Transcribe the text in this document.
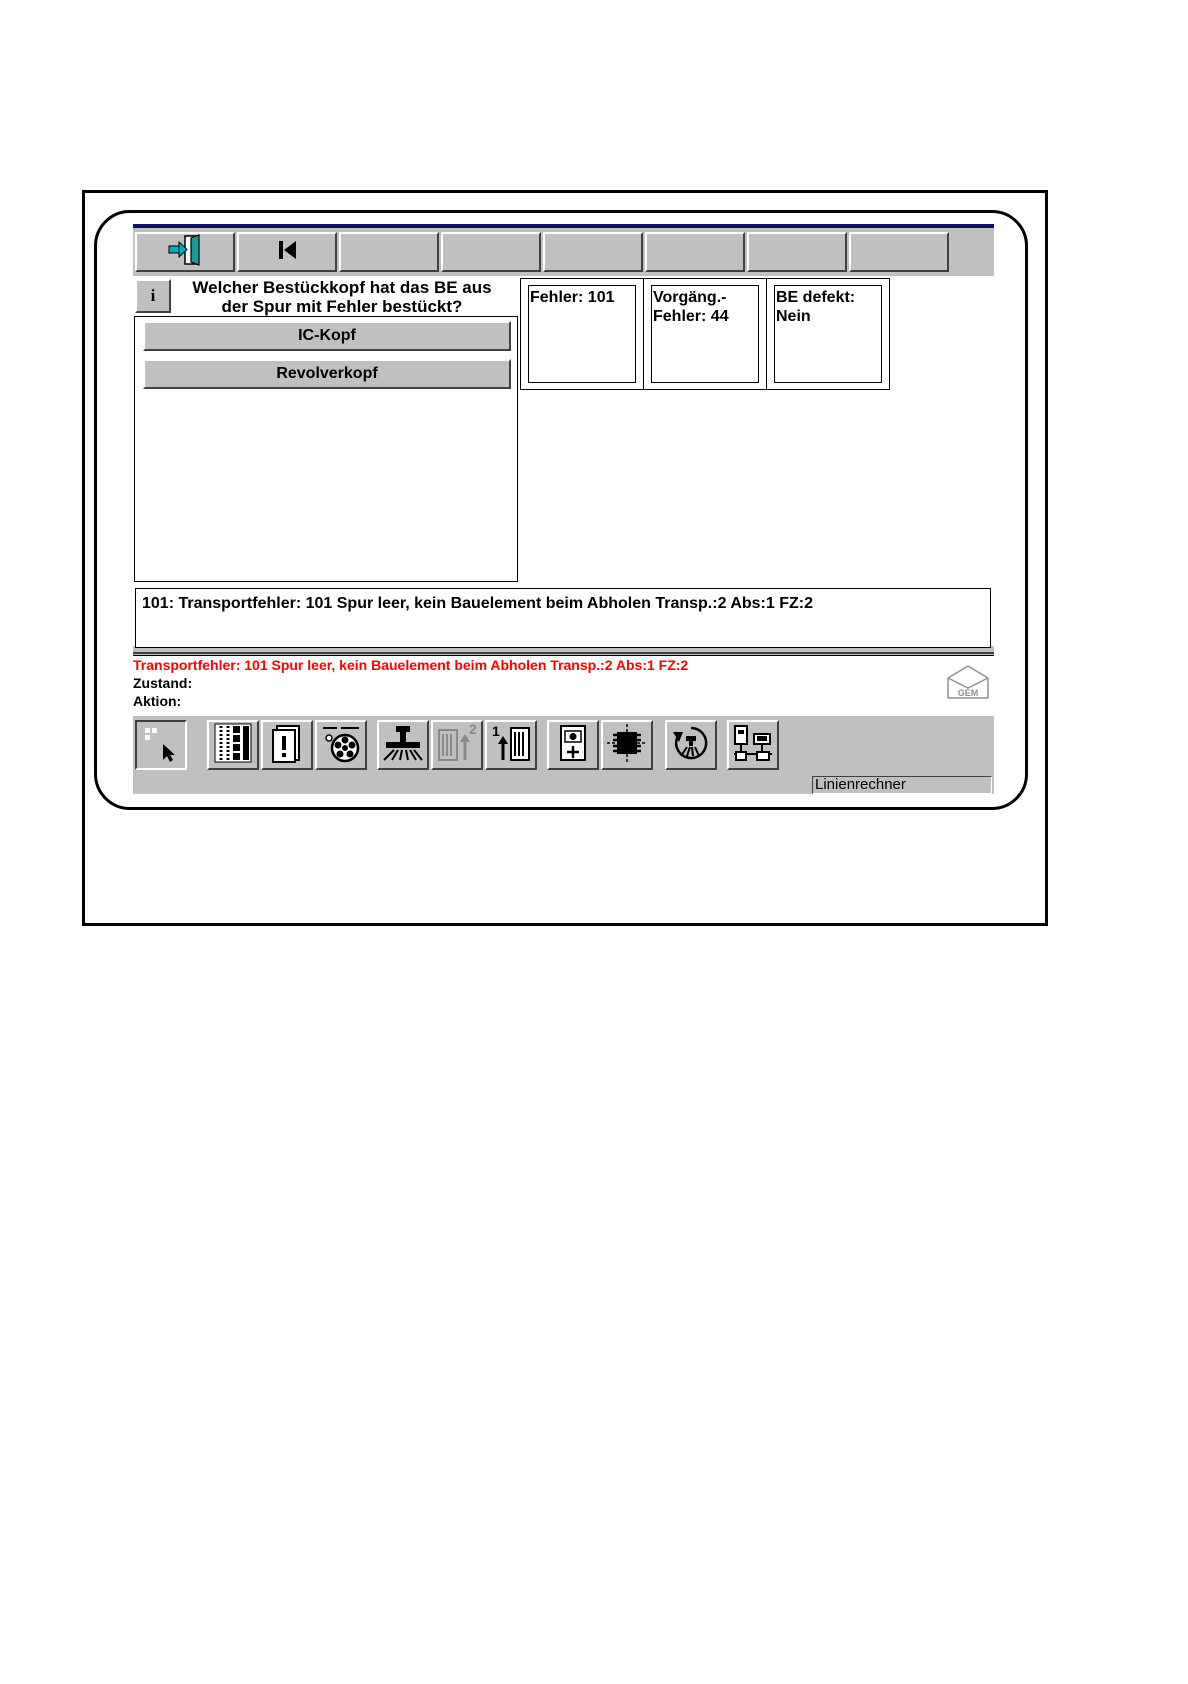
i	Welcher Bestückkopf hat das BE aus
der Spur mit Fehler bestückt?
IC-Kopf
Revolverkopf
Fehler: 101	Vorgäng.-
Fehler: 44
BE defekt:
Nein
101: Transportfehler: 101 Spur leer, kein Bauelement beim Abholen Transp.:2 Abs:1 FZ:2
Transportfehler: 101 Spur leer, kein Bauelement beim Abholen Transp.:2 Abs:1 FZ:2
Zustand:
Aktion:	GEM
2 1
Linienrechner
